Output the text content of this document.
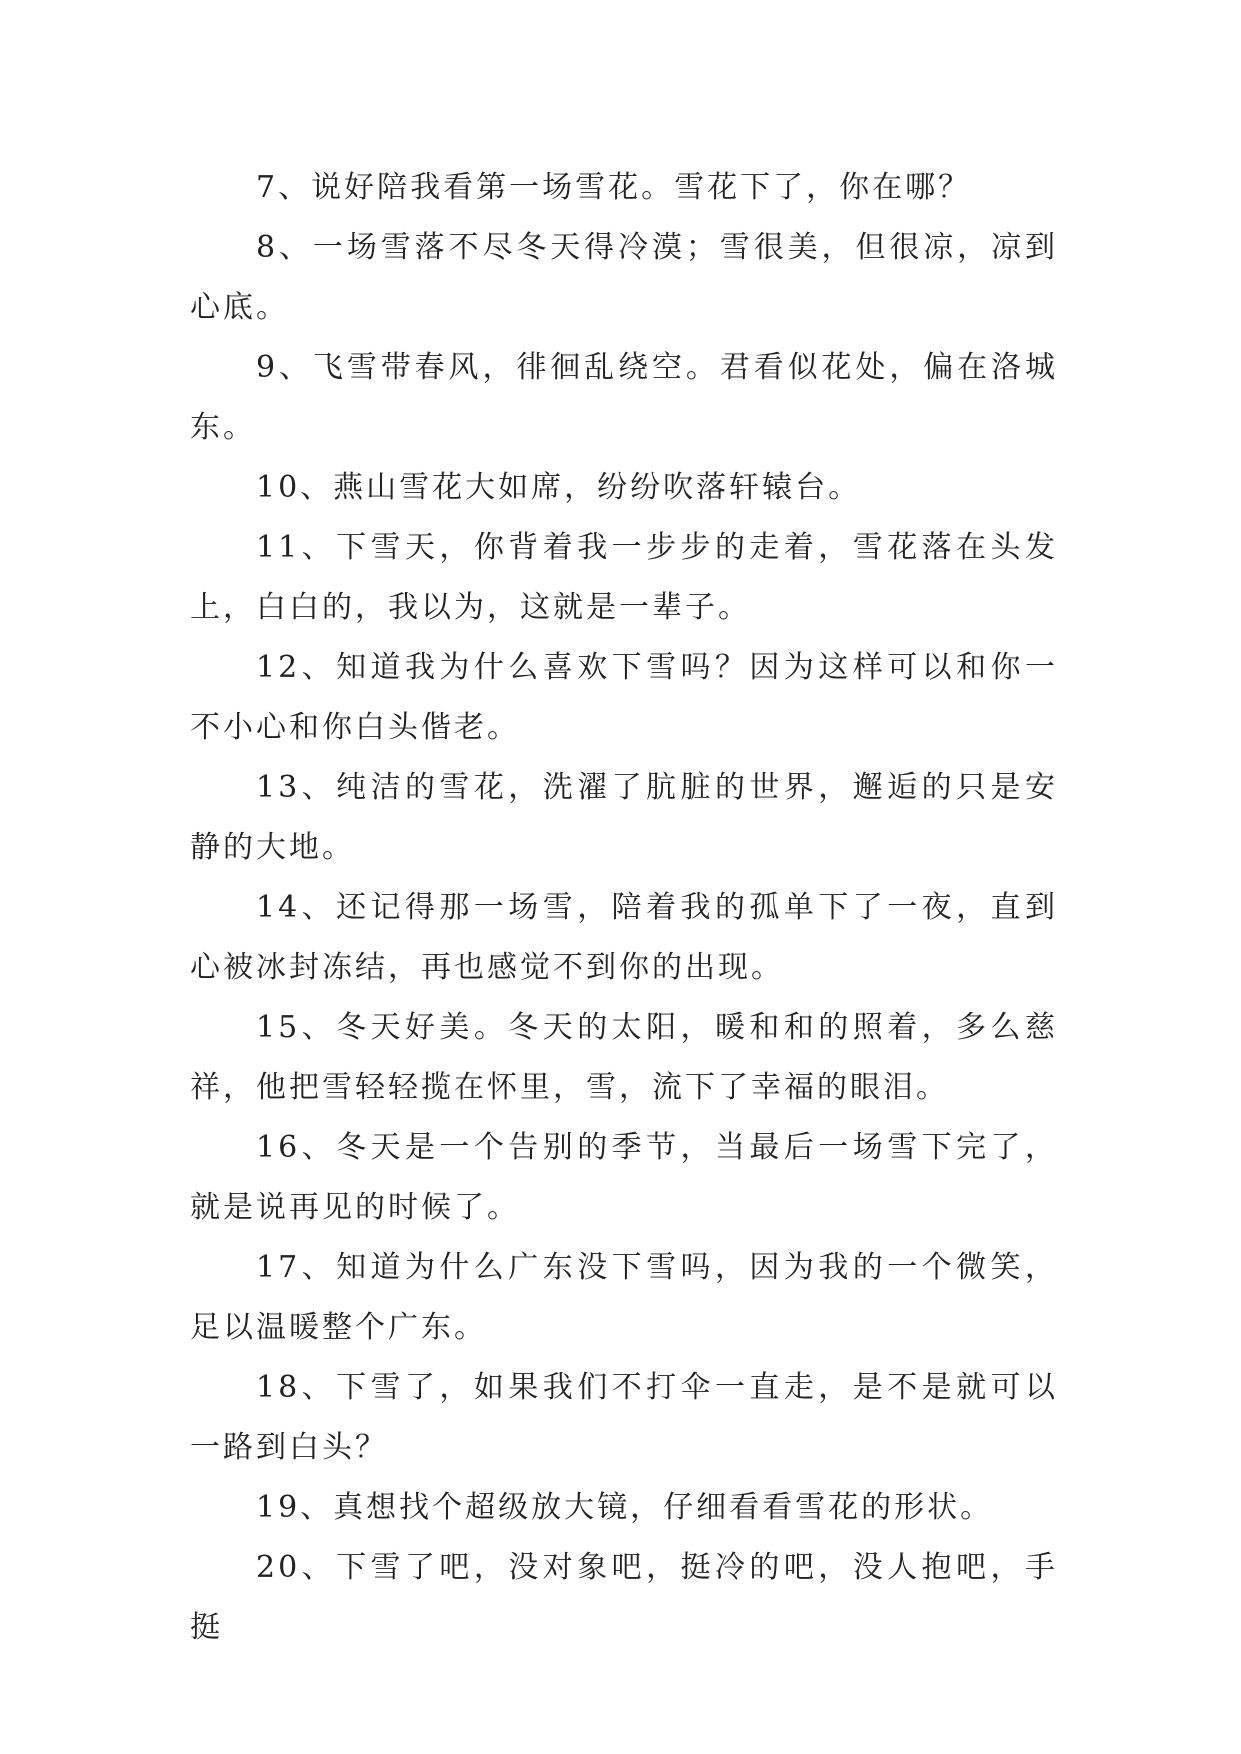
7、说好陪我看第一场雪花。雪花下了，你在哪？

8、一场雪落不尽冬天得冷漠；雪很美，但很凉，凉到心底。

9、飞雪带春风，徘徊乱绕空。君看似花处，偏在洛城东。

10、燕山雪花大如席，纷纷吹落轩辕台。

11、下雪天，你背着我一步步的走着，雪花落在头发上，白白的，我以为，这就是一辈子。

12、知道我为什么喜欢下雪吗？因为这样可以和你一不小心和你白头偕老。

13、纯洁的雪花，洗濯了肮脏的世界，邂逅的只是安静的大地。

14、还记得那一场雪，陪着我的孤单下了一夜，直到心被冰封冻结，再也感觉不到你的出现。

15、冬天好美。冬天的太阳，暖和和的照着，多么慈祥，他把雪轻轻揽在怀里，雪，流下了幸福的眼泪。

16、冬天是一个告别的季节，当最后一场雪下完了，就是说再见的时候了。

17、知道为什么广东没下雪吗，因为我的一个微笑，足以温暖整个广东。

18、下雪了，如果我们不打伞一直走，是不是就可以一路到白头？

19、真想找个超级放大镜，仔细看看雪花的形状。

20、下雪了吧，没对象吧，挺冷的吧，没人抱吧，手挺
